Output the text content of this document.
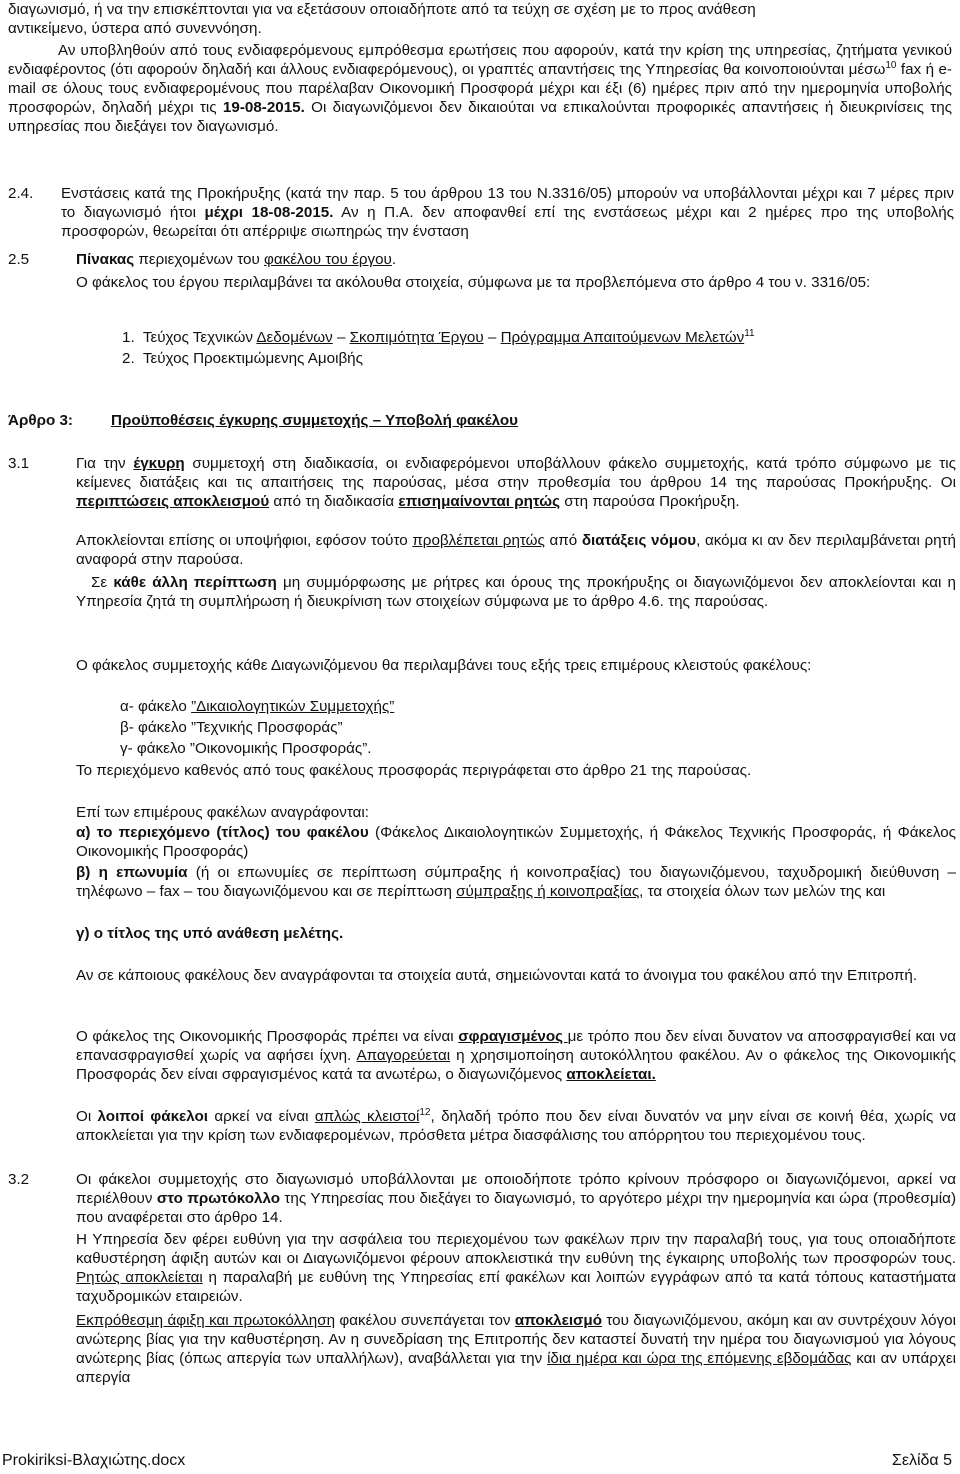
διαγωνισμό, ή να την επισκέπτονται για να εξετάσουν οποιαδήποτε από τα τεύχη σε σχέση με το προς ανάθεση
αντικείμενο, ύστερα από συνεννόηση.
Αν υποβληθούν από τους ενδιαφερόμενους εμπρόθεσμα ερωτήσεις που αφορούν, κατά την κρίση της υπηρεσίας, ζητήματα γενικού ενδιαφέροντος (ότι αφορούν δηλαδή και άλλους ενδιαφερόμενους), οι γραπτές απαντήσεις της Υπηρεσίας θα κοινοποιούνται μέσω$^{10}$ fax ή e-mail σε όλους τους ενδιαφερομένους που παρέλαβαν Οικονομική Προσφορά μέχρι και έξι (6) ημέρες πριν από την ημερομηνία υποβολής προσφορών, δηλαδή μέχρι τις 19-08-2015. Οι διαγωνιζόμενοι δεν δικαιούται να επικαλούνται προφορικές απαντήσεις ή διευκρινίσεις της υπηρεσίας που διεξάγει τον διαγωνισμό.
2.4. Ενστάσεις κατά της Προκήρυξης (κατά την παρ. 5 του άρθρου 13 του Ν.3316/05) μπορούν να υποβάλλονται μέχρι και 7 μέρες πριν το διαγωνισμό ήτοι μέχρι 18-08-2015. Αν η Π.Α. δεν αποφανθεί επί της ενστάσεως μέχρι και 2 ημέρες προ της υποβολής προσφορών, θεωρείται ότι απέρριψε σιωπηρώς την ένσταση
2.5	Πίνακας περιεχομένων του φακέλου του έργου.
Ο φάκελος του έργου περιλαμβάνει τα ακόλουθα στοιχεία, σύμφωνα με τα προβλεπόμενα στο άρθρο 4 του ν. 3316/05:
1. Τεύχος Τεχνικών Δεδομένων – Σκοπιμότητα Έργου – Πρόγραμμα Απαιτούμενων Μελετών$^{11}$
2. Τεύχος Προεκτιμώμενης Αμοιβής
Άρθρο 3:	Προϋποθέσεις έγκυρης συμμετοχής – Υποβολή φακέλου
3.1	Για την έγκυρη συμμετοχή στη διαδικασία, οι ενδιαφερόμενοι υποβάλλουν φάκελο συμμετοχής, κατά τρόπο σύμφωνο με τις κείμενες διατάξεις και τις απαιτήσεις της παρούσας, μέσα στην προθεσμία του άρθρου 14 της παρούσας Προκήρυξης. Οι περιπτώσεις αποκλεισμού από τη διαδικασία επισημαίνονται ρητώς στη παρούσα Προκήρυξη.
Αποκλείονται επίσης οι υποψήφιοι, εφόσον τούτο προβλέπεται ρητώς από διατάξεις νόμου, ακόμα κι αν δεν περιλαμβάνεται ρητή αναφορά στην παρούσα.
Σε κάθε άλλη περίπτωση μη συμμόρφωσης με ρήτρες και όρους της προκήρυξης οι διαγωνιζόμενοι δεν αποκλείονται και η Υπηρεσία ζητά τη συμπλήρωση ή διευκρίνιση των στοιχείων σύμφωνα με το άρθρο 4.6. της παρούσας.
Ο φάκελος συμμετοχής κάθε Διαγωνιζόμενου θα περιλαμβάνει τους εξής τρεις επιμέρους κλειστούς φακέλους:
α- φάκελο ”Δικαιολογητικών Συμμετοχής”
β- φάκελο ”Τεχνικής Προσφοράς”
γ- φάκελο ”Οικονομικής Προσφοράς”.
Το περιεχόμενο καθενός από τους φακέλους προσφοράς περιγράφεται στο άρθρο 21 της παρούσας.
Επί των επιμέρους φακέλων αναγράφονται:
α) το περιεχόμενο (τίτλος) του φακέλου (Φάκελος Δικαιολογητικών Συμμετοχής, ή Φάκελος Τεχνικής Προσφοράς, ή Φάκελος Οικονομικής Προσφοράς)
β) η επωνυμία (ή οι επωνυμίες σε περίπτωση σύμπραξης ή κοινοπραξίας) του διαγωνιζόμενου, ταχυδρομική διεύθυνση – τηλέφωνο – fax – του διαγωνιζόμενου και σε περίπτωση σύμπραξης ή κοινοπραξίας, τα στοιχεία όλων των μελών της και
γ) ο τίτλος της υπό ανάθεση μελέτης.
Αν σε κάποιους φακέλους δεν αναγράφονται τα στοιχεία αυτά, σημειώνονται κατά το άνοιγμα του φακέλου από την Επιτροπή.
Ο φάκελος της Οικονομικής Προσφοράς πρέπει να είναι σφραγισμένος με τρόπο που δεν είναι δυνατον να αποσφραγισθεί και να επανασφραγισθεί χωρίς να αφήσει ίχνη. Απαγορεύεται η χρησιμοποίηση αυτοκόλλητου φακέλου. Αν ο φάκελος της Οικονομικής Προσφοράς δεν είναι σφραγισμένος κατά τα ανωτέρω, ο διαγωνιζόμενος αποκλείεται.
Οι λοιποί φάκελοι αρκεί να είναι απλώς κλειστοί$^{12}$, δηλαδή τρόπο που δεν είναι δυνατόν να μην είναι σε κοινή θέα, χωρίς να αποκλείεται για την κρίση των ενδιαφερομένων, πρόσθετα μέτρα διασφάλισης του απόρρητου του περιεχομένου τους.
3.2	Οι φάκελοι συμμετοχής στο διαγωνισμό υποβάλλονται με οποιοδήποτε τρόπο κρίνουν πρόσφορο οι διαγωνιζόμενοι, αρκεί να περιέλθουν στο πρωτόκολλο της Υπηρεσίας που διεξάγει το διαγωνισμό, το αργότερο μέχρι την ημερομηνία και ώρα (προθεσμία) που αναφέρεται στο άρθρο 14.
Η Υπηρεσία δεν φέρει ευθύνη για την ασφάλεια του περιεχομένου των φακέλων πριν την παραλαβή τους, για τους οποιαδήποτε καθυστέρηση άφιξη αυτών και οι Διαγωνιζόμενοι φέρουν αποκλειστικά την ευθύνη της έγκαιρης υποβολής των προσφορών τους. Ρητώς αποκλείεται η παραλαβή με ευθύνη της Υπηρεσίας επί φακέλων και λοιπών εγγράφων από τα κατά τόπους καταστήματα ταχυδρομικών εταιρειών.
Εκπρόθεσμη άφιξη και πρωτοκόλληση φακέλου συνεπάγεται τον αποκλεισμό του διαγωνιζόμενου, ακόμη και αν συντρέχουν λόγοι ανώτερης βίας για την καθυστέρηση. Αν η συνεδρίαση της Επιτροπής δεν καταστεί δυνατή την ημέρα του διαγωνισμού για λόγους ανώτερης βίας (όπως απεργία των υπαλλήλων), αναβάλλεται για την ίδια ημέρα και ώρα της επόμενης εβδομάδας και αν υπάρχει απεργία
Prokiriksi-Βλαχιώτης.docx	Σελίδα 5
